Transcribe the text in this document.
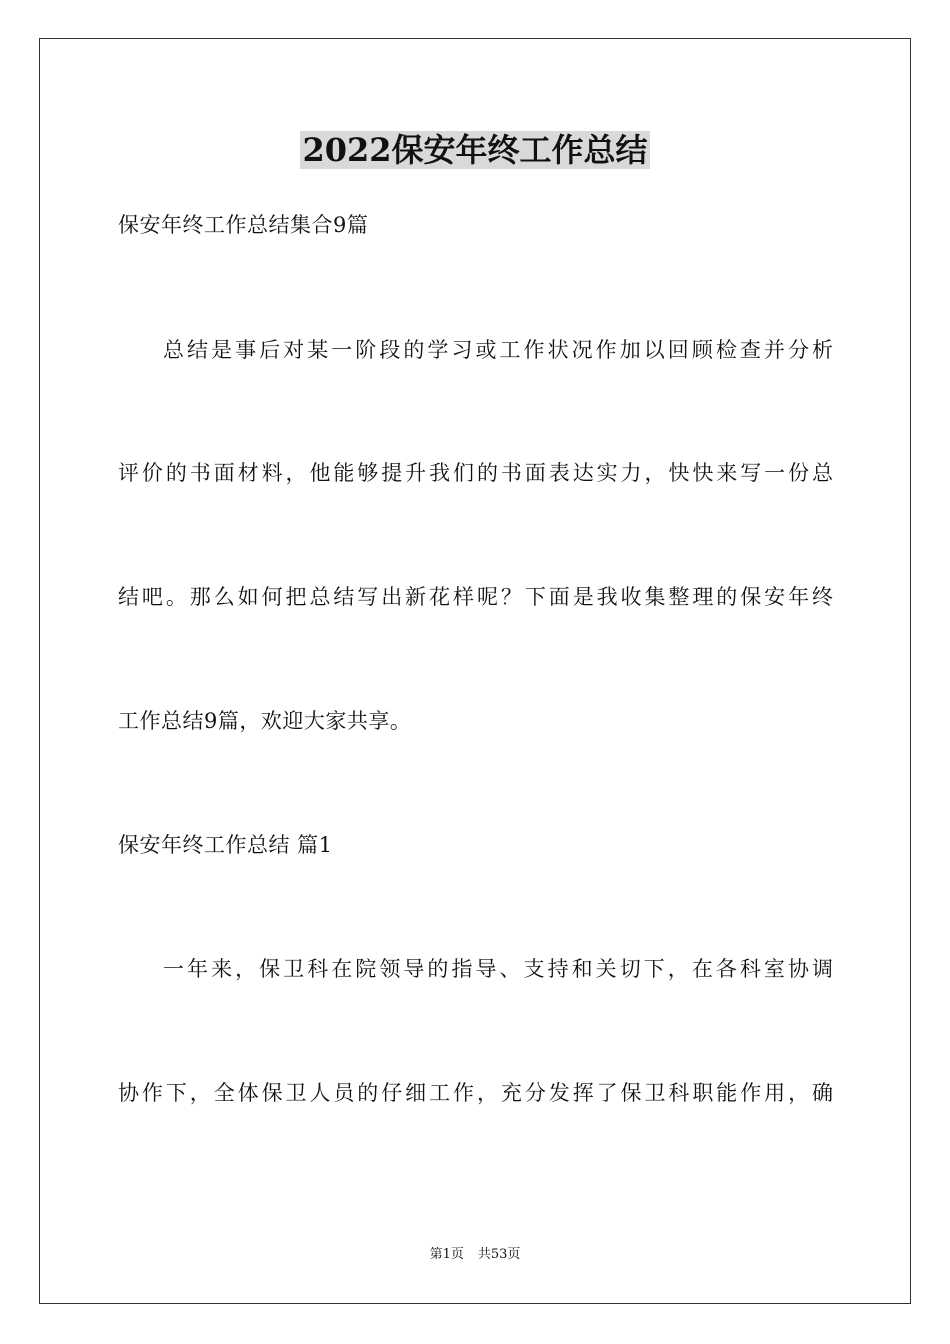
2022保安年终工作总结
保安年终工作总结集合9篇
总结是事后对某一阶段的学习或工作状况作加以回顾检查并分析
评价的书面材料，他能够提升我们的书面表达实力，快快来写一份总
结吧。那么如何把总结写出新花样呢？下面是我收集整理的保安年终
工作总结9篇，欢迎大家共享。
保安年终工作总结 篇1
一年来，保卫科在院领导的指导、支持和关切下，在各科室协调
协作下，全体保卫人员的仔细工作，充分发挥了保卫科职能作用，确
第1页 共53页
